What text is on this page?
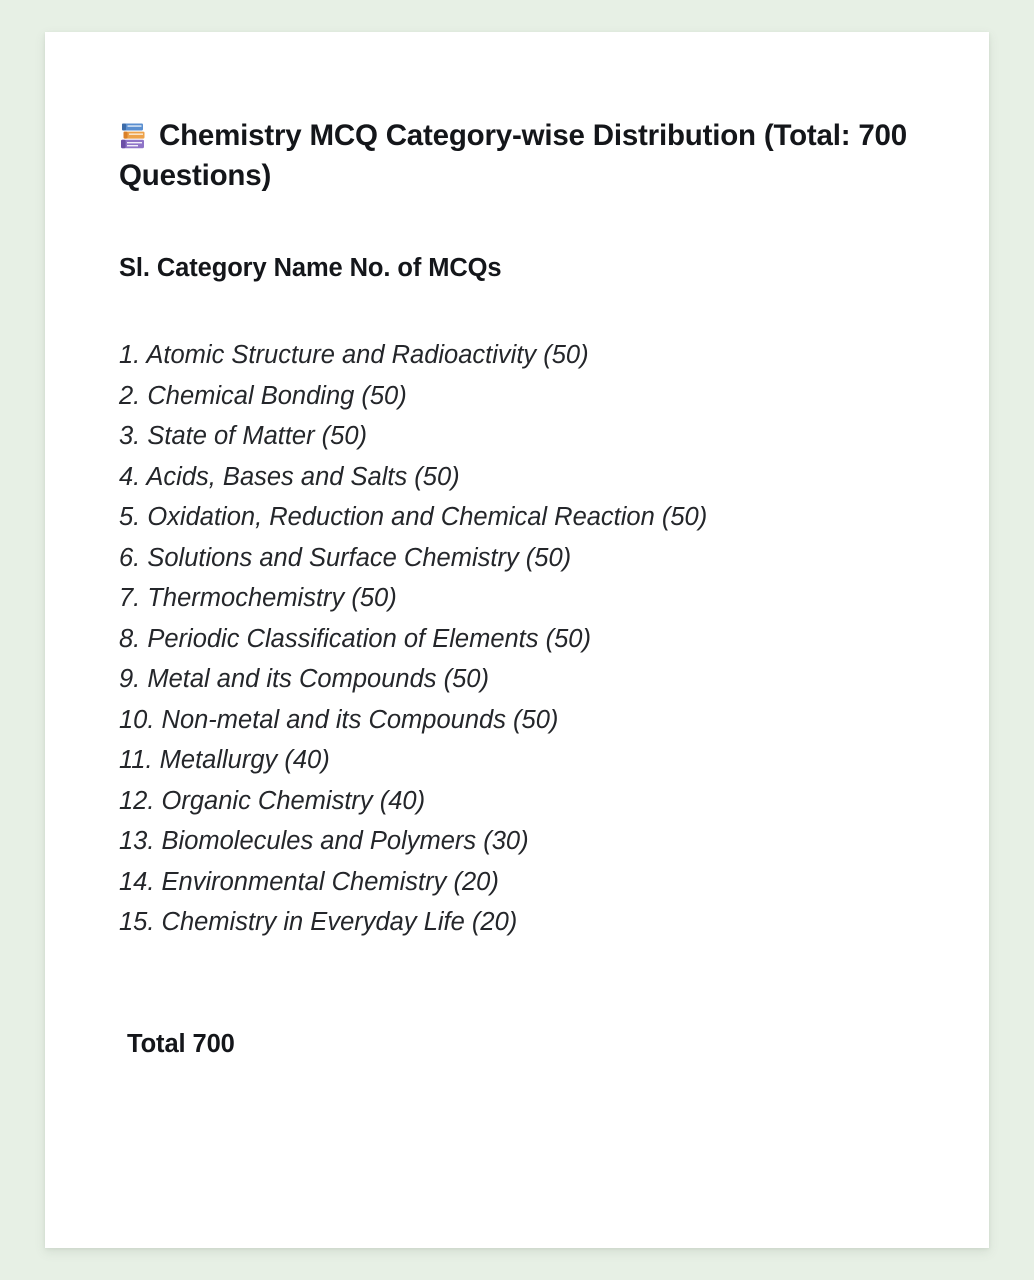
Chemistry MCQ Category-wise Distribution (Total: 700 Questions)
Sl. Category Name No. of MCQs
1. Atomic Structure and Radioactivity (50)
2. Chemical Bonding (50)
3. State of Matter (50)
4. Acids, Bases and Salts (50)
5. Oxidation, Reduction and Chemical Reaction (50)
6. Solutions and Surface Chemistry (50)
7. Thermochemistry (50)
8. Periodic Classification of Elements (50)
9. Metal and its Compounds (50)
10. Non-metal and its Compounds (50)
11. Metallurgy (40)
12. Organic Chemistry (40)
13. Biomolecules and Polymers (30)
14. Environmental Chemistry (20)
15. Chemistry in Everyday Life (20)
Total 700
